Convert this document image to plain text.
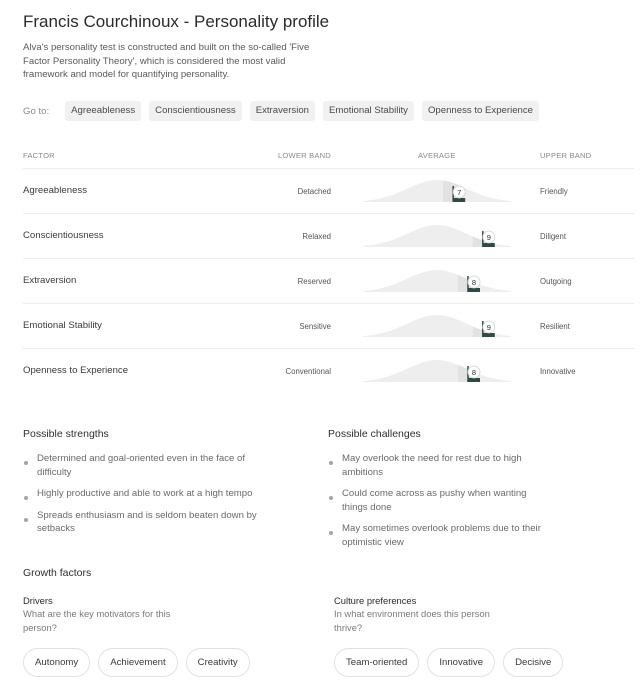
Francis Courchinoux - Personality profile
Alva's personality test is constructed and built on the so-called 'Five Factor Personality Theory', which is considered the most valid framework and model for quantifying personality.
Go to:	Agreeableness	Conscientiousness	Extraversion	Emotional Stability	Openness to Experience
FACTOR	LOWER BAND	AVERAGE	UPPER BAND
Agreeableness	Detached	7	Friendly
Conscientiousness	Relaxed	9	Diligent
Extraversion	Reserved	8	Outgoing
Emotional Stability	Sensitive	9	Resilient
Openness to Experience	Conventional	8	Innovative
Possible strengths
Determined and goal-oriented even in the face of difficulty
Highly productive and able to work at a high tempo
Spreads enthusiasm and is seldom beaten down by setbacks
Possible challenges
May overlook the need for rest due to high ambitions
Could come across as pushy when wanting things done
May sometimes overlook problems due to their optimistic view
Growth factors
Drivers
What are the key motivators for this person?
Autonomy	Achievement	Creativity
Culture preferences
In what environment does this person thrive?
Team-oriented	Innovative	Decisive
